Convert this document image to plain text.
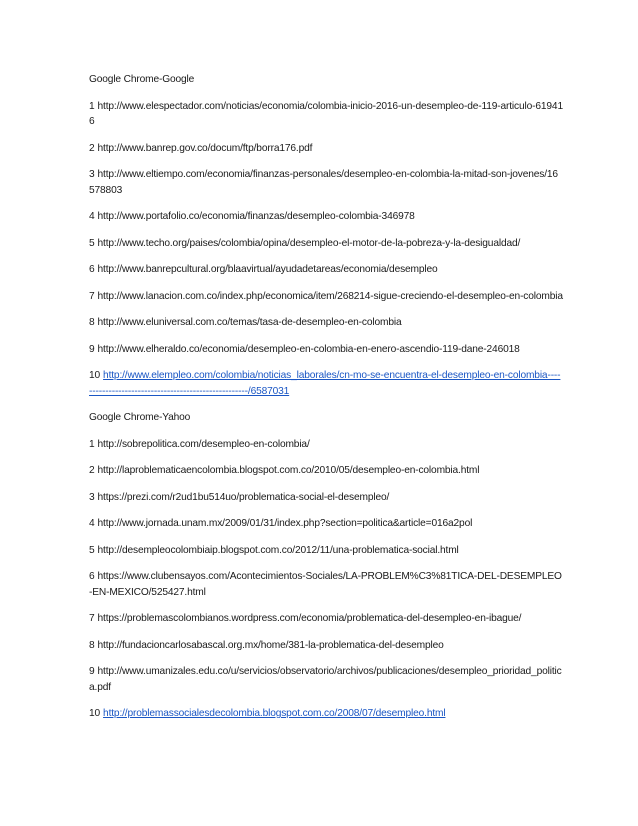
Google Chrome-Google

1 http://www.elespectador.com/noticias/economia/colombia-inicio-2016-un-desempleo-de-119-articulo-619416

2 http://www.banrep.gov.co/docum/ftp/borra176.pdf

3 http://www.eltiempo.com/economia/finanzas-personales/desempleo-en-colombia-la-mitad-son-jovenes/16578803

4 http://www.portafolio.co/economia/finanzas/desempleo-colombia-346978

5 http://www.techo.org/paises/colombia/opina/desempleo-el-motor-de-la-pobreza-y-la-desigualdad/

6 http://www.banrepcultural.org/blaavirtual/ayudadetareas/economia/desempleo

7 http://www.lanacion.com.co/index.php/economica/item/268214-sigue-creciendo-el-desempleo-en-colombia

8 http://www.eluniversal.com.co/temas/tasa-de-desempleo-en-colombia

9 http://www.elheraldo.co/economia/desempleo-en-colombia-en-enero-ascendio-119-dane-246018

10 http://www.elempleo.com/colombia/noticias_laborales/cn-mo-se-encuentra-el-desempleo-en-colombia-----------------------------------------------------/6587031

Google Chrome-Yahoo

1 http://sobrepolitica.com/desempleo-en-colombia/

2 http://laproblematicaencolombia.blogspot.com.co/2010/05/desempleo-en-colombia.html

3 https://prezi.com/r2ud1bu514uo/problematica-social-el-desempleo/

4 http://www.jornada.unam.mx/2009/01/31/index.php?section=politica&article=016a2pol

5 http://desempleocolombiaip.blogspot.com.co/2012/11/una-problematica-social.html

6 https://www.clubensayos.com/Acontecimientos-Sociales/LA-PROBLEM%C3%81TICA-DEL-DESEMPLEO-EN-MEXICO/525427.html

7 https://problemascolombianos.wordpress.com/economia/problematica-del-desempleo-en-ibague/

8 http://fundacioncarlosabascal.org.mx/home/381-la-problematica-del-desempleo

9 http://www.umanizales.edu.co/u/servicios/observatorio/archivos/publicaciones/desempleo_prioridad_politica.pdf

10 http://problemassocialesdecolombia.blogspot.com.co/2008/07/desempleo.html
